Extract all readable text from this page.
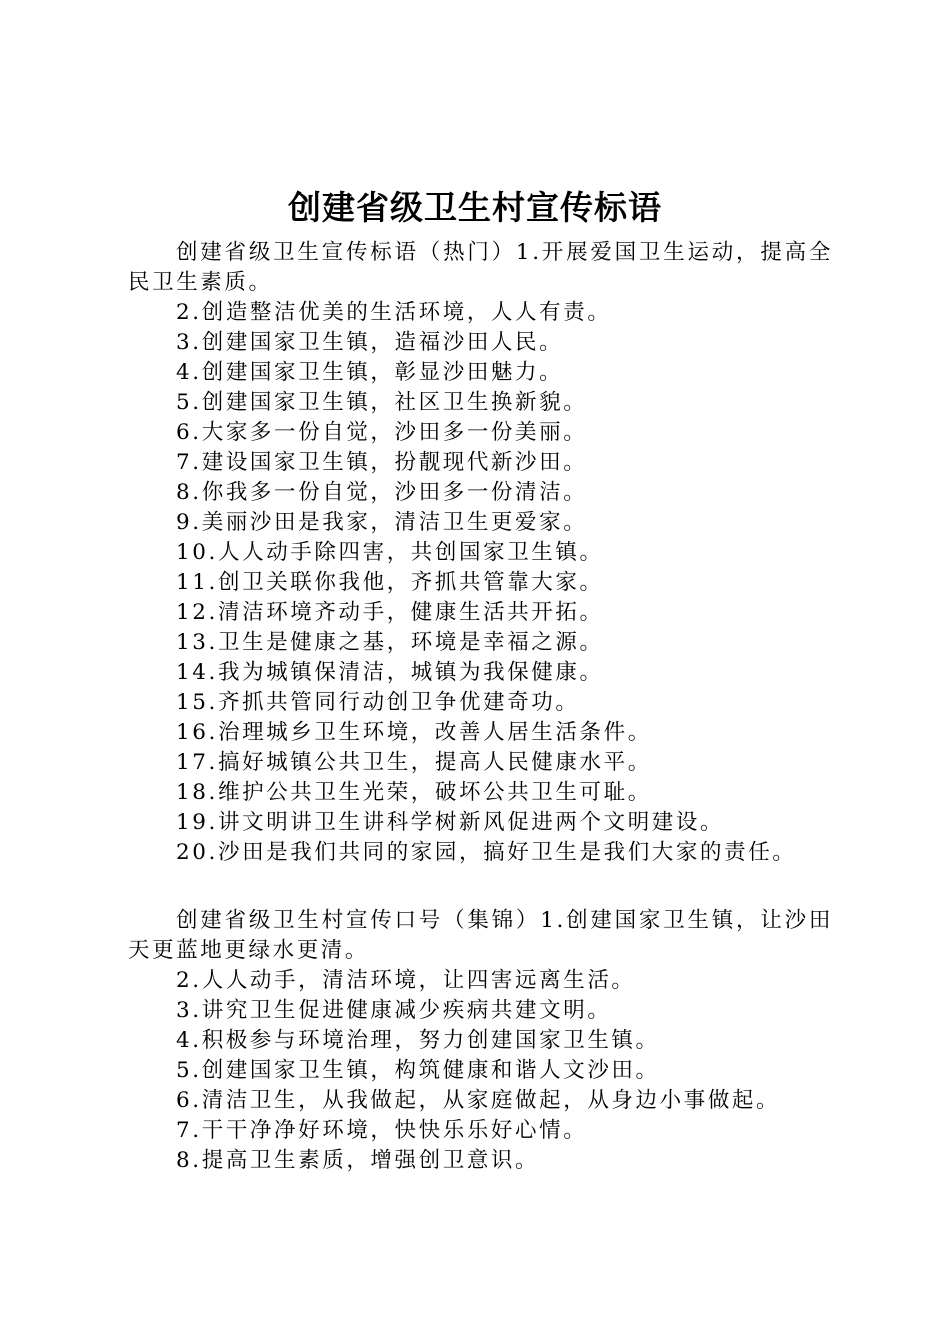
创建省级卫生村宣传标语

创建省级卫生宣传标语（热门）1.开展爱国卫生运动，提高全民卫生素质。

2.创造整洁优美的生活环境，人人有责。

3.创建国家卫生镇，造福沙田人民。

4.创建国家卫生镇，彰显沙田魅力。

5.创建国家卫生镇，社区卫生换新貌。

6.大家多一份自觉，沙田多一份美丽。

7.建设国家卫生镇，扮靓现代新沙田。

8.你我多一份自觉，沙田多一份清洁。

9.美丽沙田是我家，清洁卫生更爱家。

10.人人动手除四害，共创国家卫生镇。

11.创卫关联你我他，齐抓共管靠大家。

12.清洁环境齐动手，健康生活共开拓。

13.卫生是健康之基，环境是幸福之源。

14.我为城镇保清洁，城镇为我保健康。

15.齐抓共管同行动创卫争优建奇功。

16.治理城乡卫生环境，改善人居生活条件。

17.搞好城镇公共卫生，提高人民健康水平。

18.维护公共卫生光荣，破坏公共卫生可耻。

19.讲文明讲卫生讲科学树新风促进两个文明建设。

20.沙田是我们共同的家园，搞好卫生是我们大家的责任。

创建省级卫生村宣传口号（集锦）1.创建国家卫生镇，让沙田天更蓝地更绿水更清。

2.人人动手，清洁环境，让四害远离生活。

3.讲究卫生促进健康减少疾病共建文明。

4.积极参与环境治理，努力创建国家卫生镇。

5.创建国家卫生镇，构筑健康和谐人文沙田。

6.清洁卫生，从我做起，从家庭做起，从身边小事做起。

7.干干净净好环境，快快乐乐好心情。

8.提高卫生素质，增强创卫意识。
